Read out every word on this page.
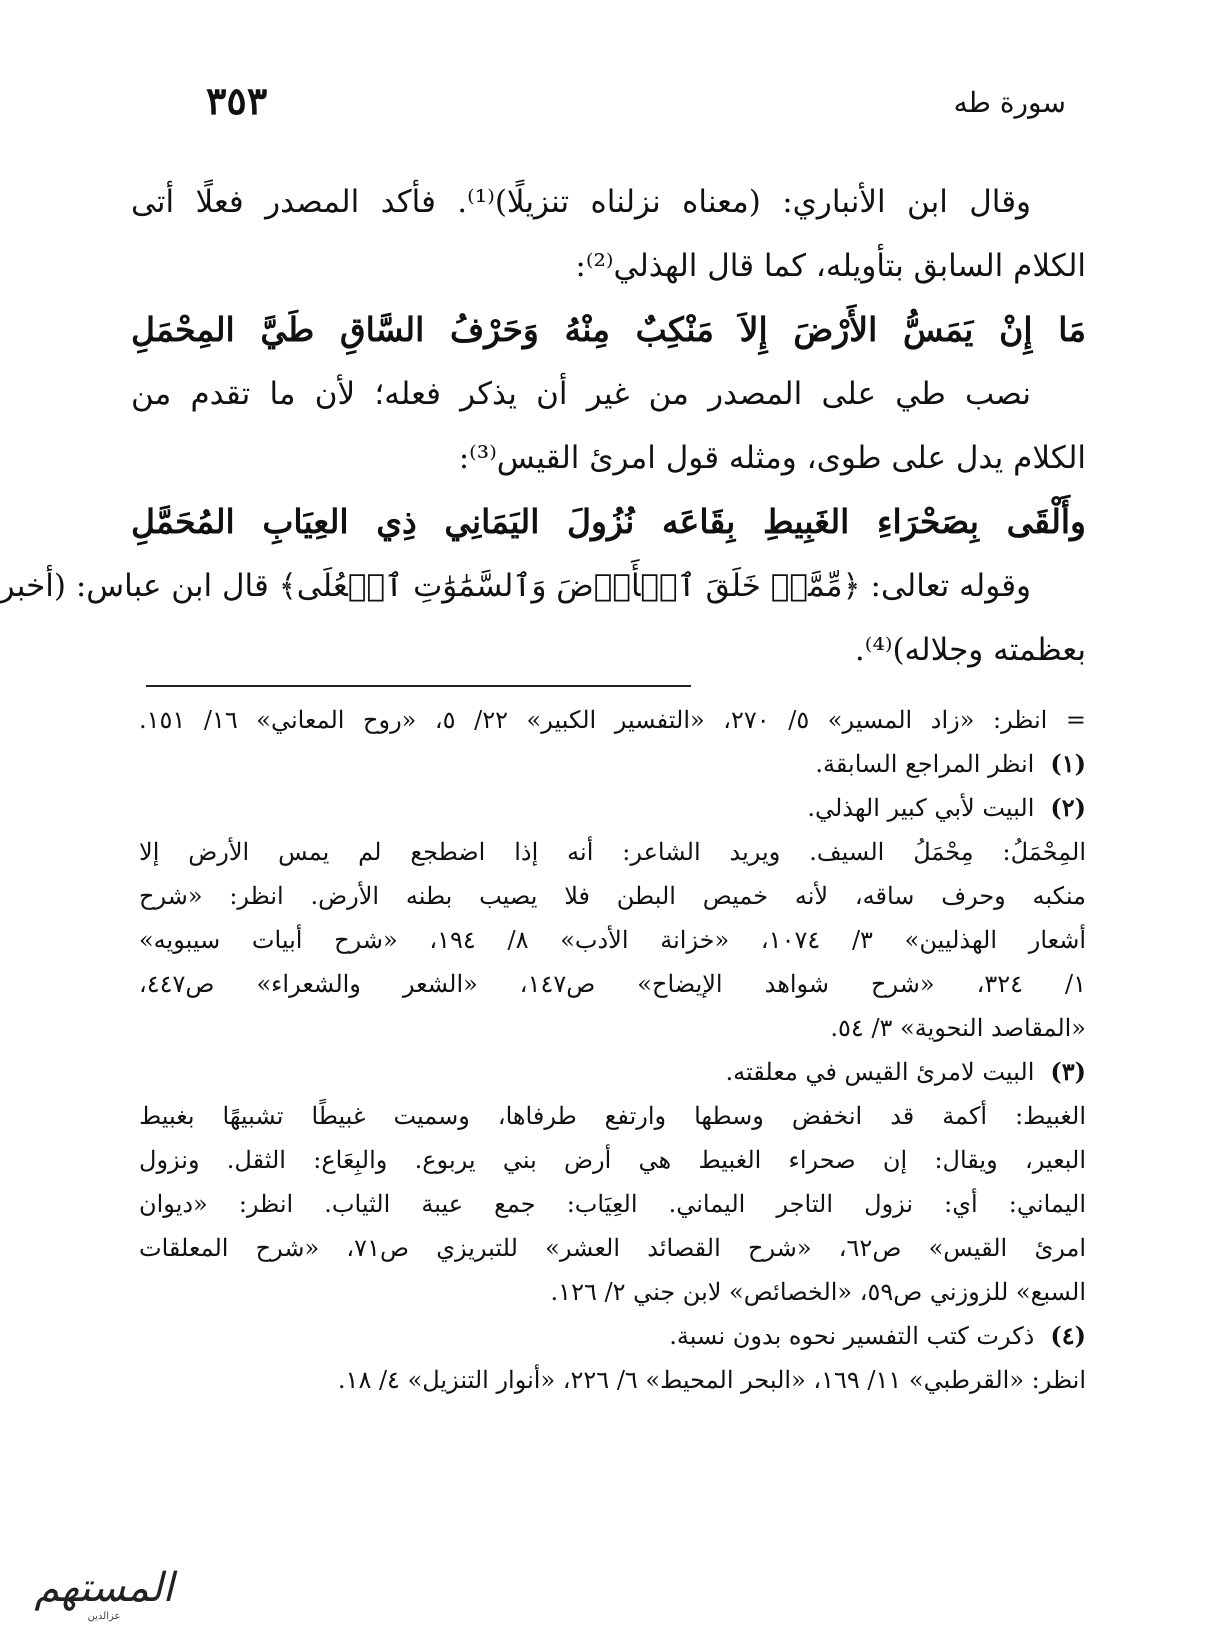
سورة طه
٣٥٣
وقال ابن الأنباري: (معناه نزلناه تنزيلًا)⁽¹⁾. فأكد المصدر فعلًا أتى
الكلام السابق بتأويله، كما قال الهذلي⁽²⁾:
مَا إِنْ يَمَسُّ الأَرْضَ إِلاَ مَنْكِبٌ مِنْهُ وَحَرْفُ السَّاقِ طَيَّ المِحْمَلِ
نصب طي على المصدر من غير أن يذكر فعله؛ لأن ما تقدم من
الكلام يدل على طوى، ومثله قول امرئ القيس⁽³⁾:
وأَلْقَى بِصَحْرَاءِ الغَبِيطِ بِقَاعَه نُزُولَ اليَمَانِي ذِي العِيَابِ المُحَمَّلِ
وقوله تعالى: ﴿مِّمَّنۡ خَلَقَ ٱلۡأَرۡضَ وَٱلسَّمَٰوَٰتِ ٱلۡعُلَى﴾ قال ابن عباس: (أخبر
بعظمته وجلاله)⁽⁴⁾.
= انظر: «زاد المسير» ٥/ ٢٧٠، «التفسير الكبير» ٢٢/ ٥، «روح المعاني» ١٦/ ١٥١.
(١) انظر المراجع السابقة.
(٢) البيت لأبي كبير الهذلي.
المِحْمَلُ: مِحْمَلُ السيف. ويريد الشاعر: أنه إذا اضطجع لم يمس الأرض إلا
منكبه وحرف ساقه، لأنه خميص البطن فلا يصيب بطنه الأرض. انظر: «شرح
أشعار الهذليين» ٣/ ١٠٧٤، «خزانة الأدب» ٨/ ١٩٤، «شرح أبيات سيبويه»
١/ ٣٢٤، «شرح شواهد الإيضاح» ص١٤٧، «الشعر والشعراء» ص٤٤٧،
«المقاصد النحوية» ٣/ ٥٤.
(٣) البيت لامرئ القيس في معلقته.
الغبيط: أكمة قد انخفض وسطها وارتفع طرفاها، وسميت غبيطًا تشبيهًا بغبيط
البعير، ويقال: إن صحراء الغبيط هي أرض بني يربوع. والبِعَاع: الثقل. ونزول
اليماني: أي: نزول التاجر اليماني. العِيَاب: جمع عيبة الثياب. انظر: «ديوان
امرئ القيس» ص٦٢، «شرح القصائد العشر» للتبريزي ص٧١، «شرح المعلقات
السبع» للزوزني ص٥٩، «الخصائص» لابن جني ٢/ ١٢٦.
(٤) ذكرت كتب التفسير نحوه بدون نسبة.
انظر: «القرطبي» ١١/ ١٦٩، «البحر المحيط» ٦/ ٢٢٦، «أنوار التنزيل» ٤/ ١٨.
المستهم
عزالدين
